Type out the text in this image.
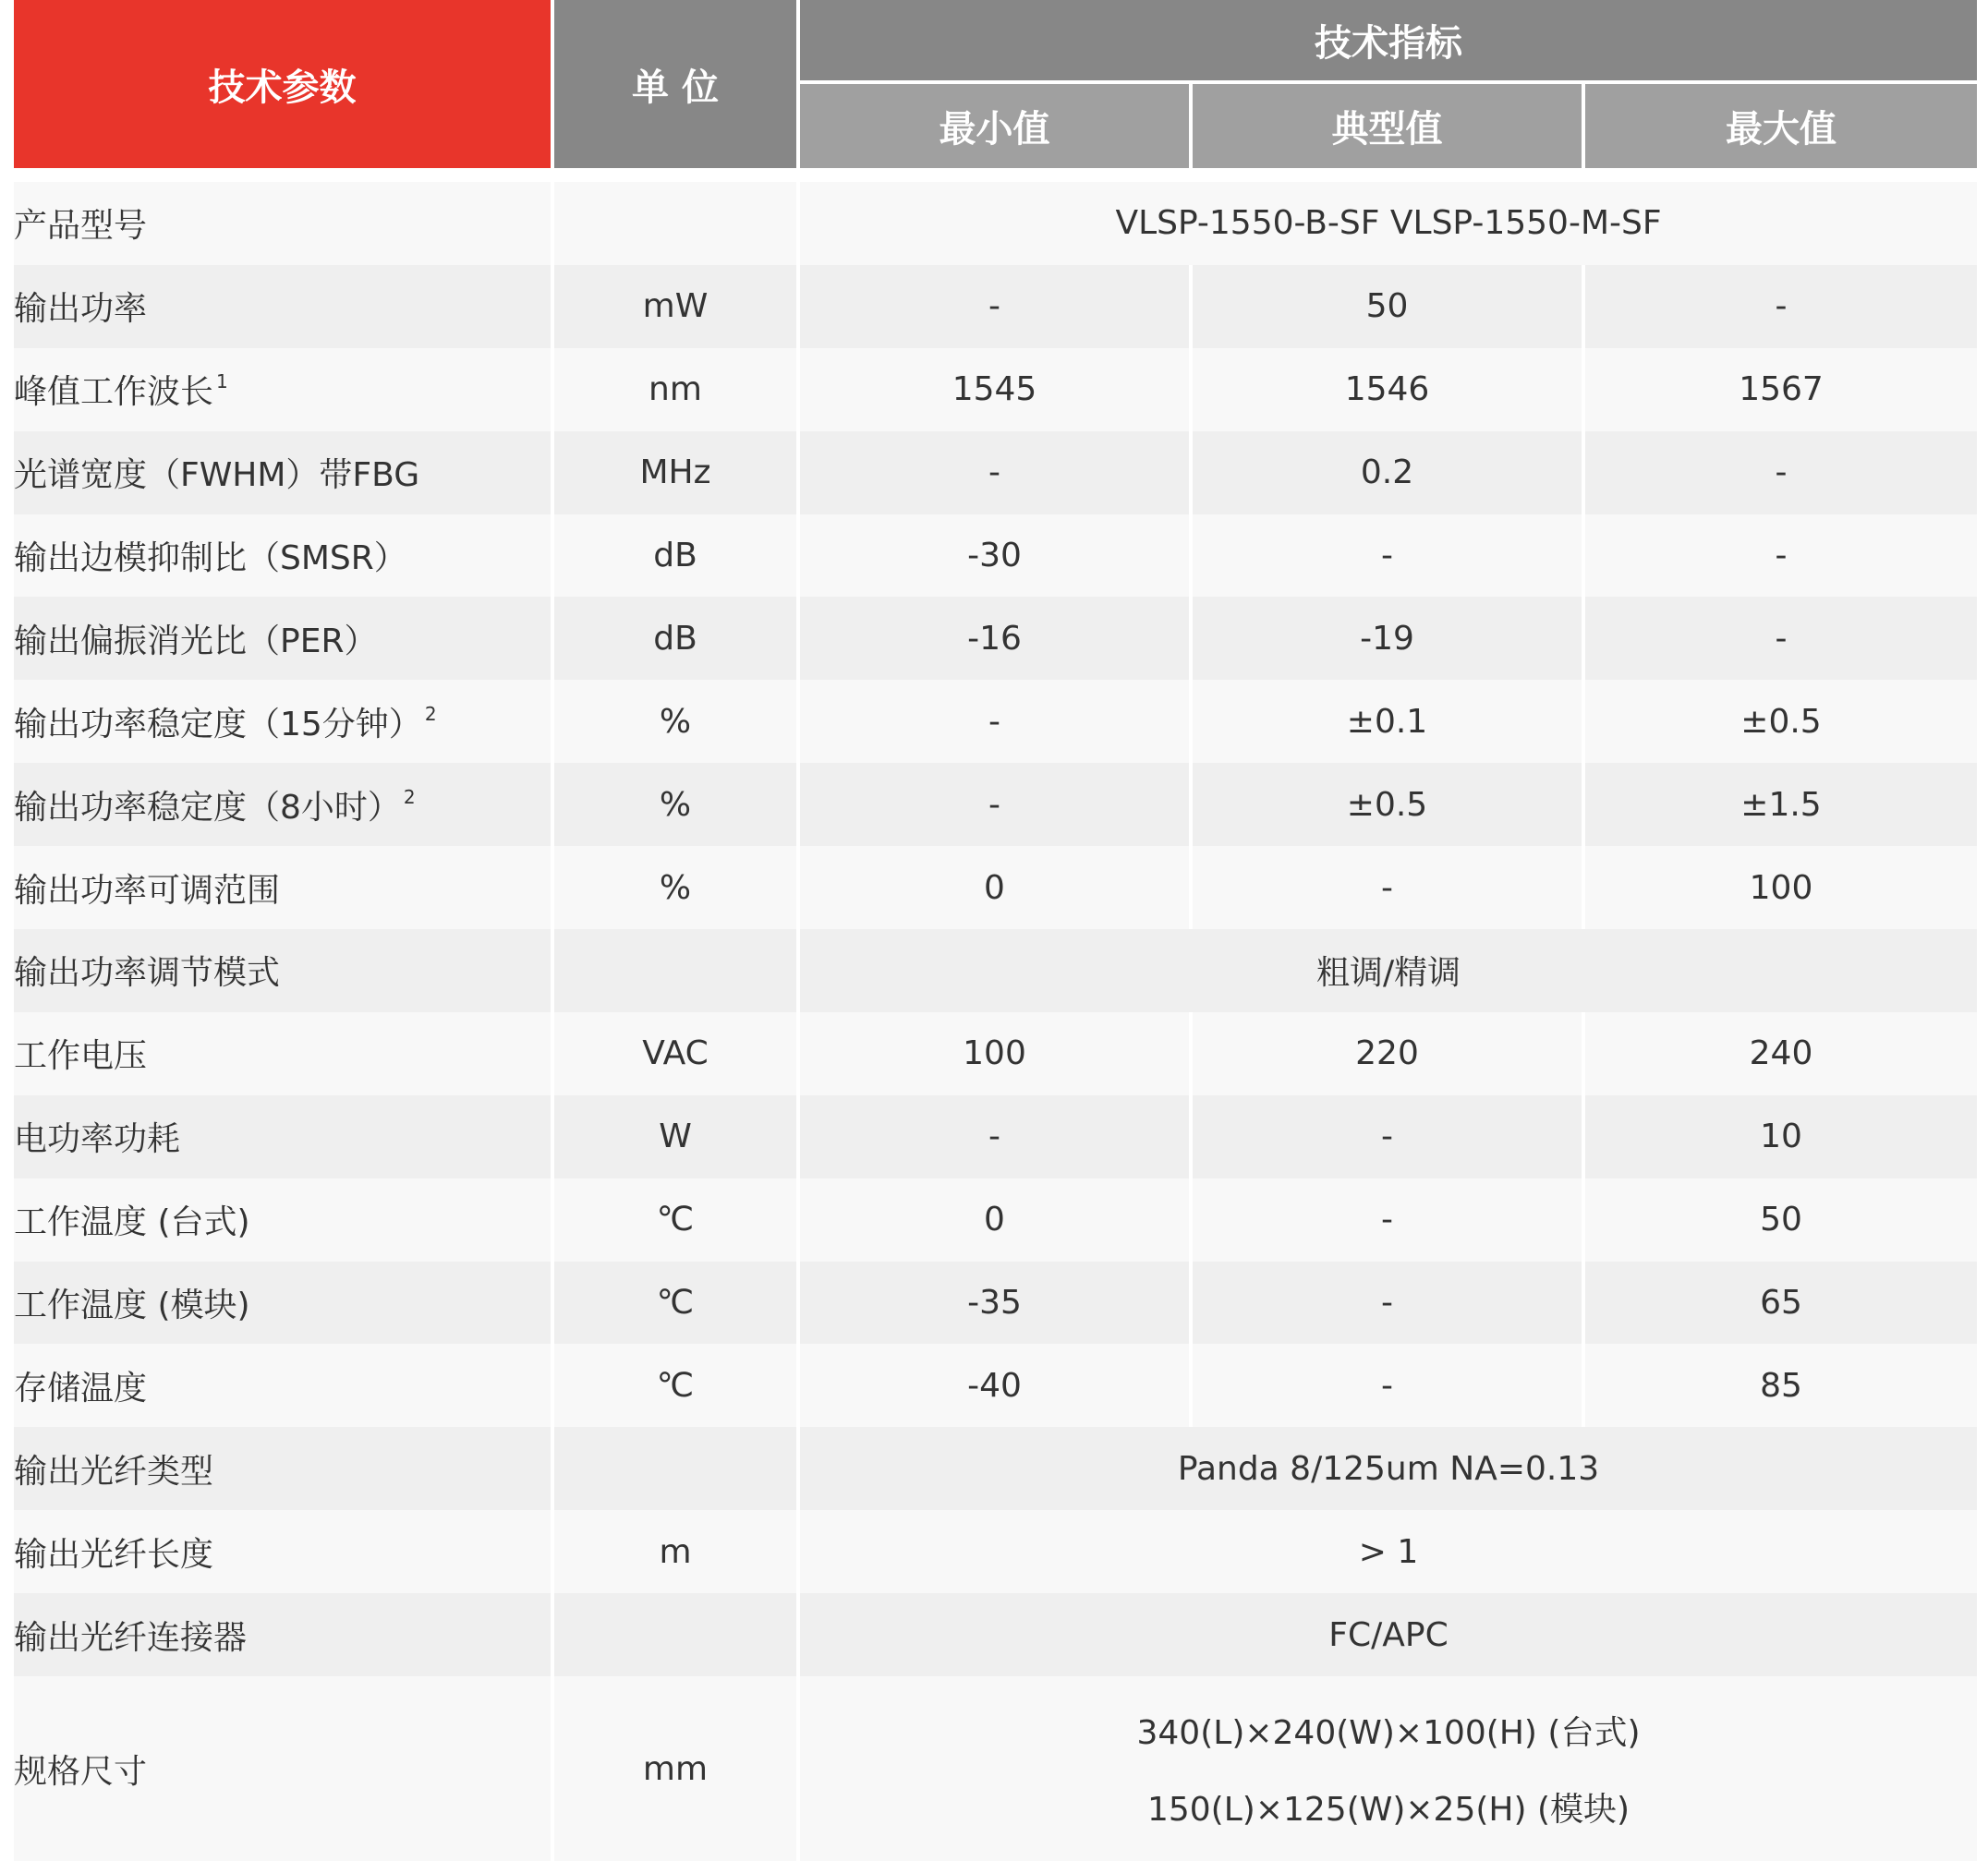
技术参数	单 位	技术指标		
		最小值	典型值	最大值

产品型号		VLSP-1550-B-SF VLSP-1550-M-SF		
输出功率	mW	-	50	-
峰值工作波长 $^1$	nm	1545	1546	1567
光谱宽度（FWHM）带FBG	MHz	-	0.2	-
输出边模抑制比（SMSR）	dB	-30	-	-
输出偏振消光比（PER）	dB	-16	-19	-
输出功率稳定度（15分钟） $^2$	%	-	±0.1	±0.5
输出功率稳定度（8小时） $^2$	%	-	±0.5	±1.5
输出功率可调范围	%	0	-	100
输出功率调节模式		粗调/精调		
工作电压	VAC	100	220	240
电功率功耗	W	-	-	10
工作温度 (台式)	℃	0	-	50
工作温度 (模块)	℃	-35	-	65
存储温度	℃	-40	-	85
输出光纤类型		Panda 8/125um NA=0.13		
输出光纤长度	m	> 1		
输出光纤连接器		FC/APC		
规格尺寸	mm	340(L)×240(W)×100(H) (台式)
150(L)×125(W)×25(H) (模块)		
